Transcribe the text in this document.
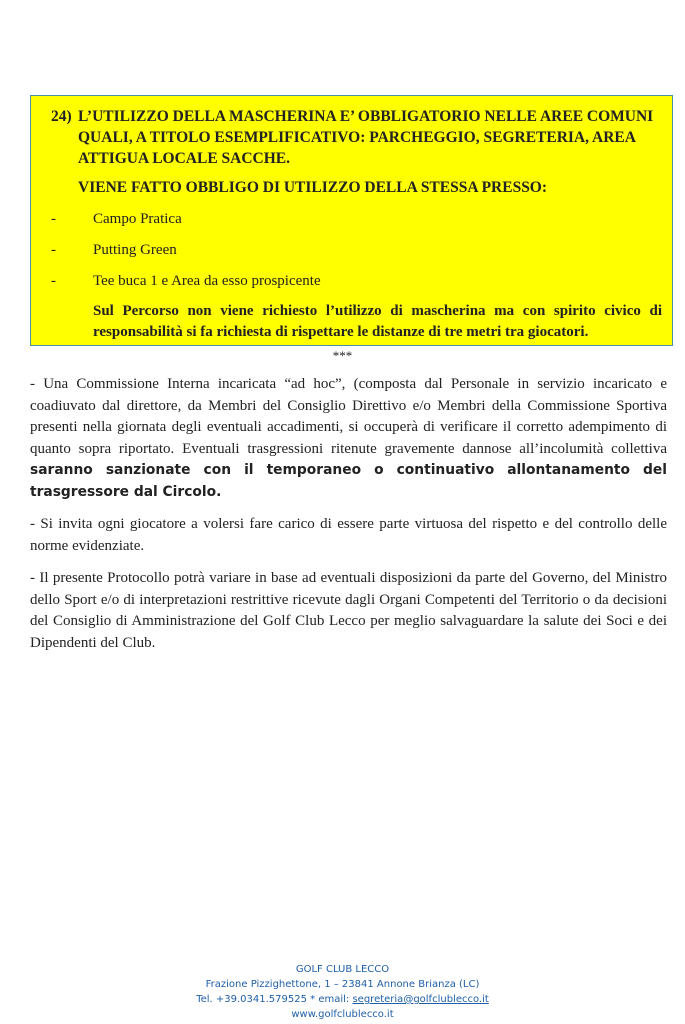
24) L’UTILIZZO DELLA MASCHERINA E’ OBBLIGATORIO NELLE AREE COMUNI QUALI, A TITOLO ESEMPLIFICATIVO: PARCHEGGIO, SEGRETERIA, AREA ATTIGUA LOCALE SACCHE.
VIENE FATTO OBBLIGO DI UTILIZZO DELLA STESSA PRESSO:
-	Campo Pratica
-	Putting Green
-	Tee buca 1 e Area da esso prospicente
Sul Percorso non viene richiesto l’utilizzo di mascherina ma con spirito civico di responsabilità si fa richiesta di rispettare le distanze di tre metri tra giocatori.
***

- Una Commissione Interna incaricata “ad hoc”, (composta dal Personale in servizio incaricato e coadiuvato dal direttore, da Membri del Consiglio Direttivo e/o Membri della Commissione Sportiva presenti nella giornata degli eventuali accadimenti, si occuperà di verificare il corretto adempimento di quanto sopra riportato. Eventuali trasgressioni ritenute gravemente dannose all’incolumità collettiva saranno sanzionate con il temporaneo o continuativo allontanamento del trasgressore dal Circolo.

- Si invita ogni giocatore a volersi fare carico di essere parte virtuosa del rispetto e del controllo delle norme evidenziate.

- Il presente Protocollo potrà variare in base ad eventuali disposizioni da parte del Governo, del Ministro dello Sport e/o di interpretazioni restrittive ricevute dagli Organi Competenti del Territorio o da decisioni del Consiglio di Amministrazione del Golf Club Lecco per meglio salvaguardare la salute dei Soci e dei Dipendenti del Club.

GOLF CLUB LECCO
Frazione Pizzighettone, 1 – 23841 Annone Brianza (LC)
Tel. +39.0341.579525 * email: segreteria@golfclublecco.it
www.golfclublecco.it
